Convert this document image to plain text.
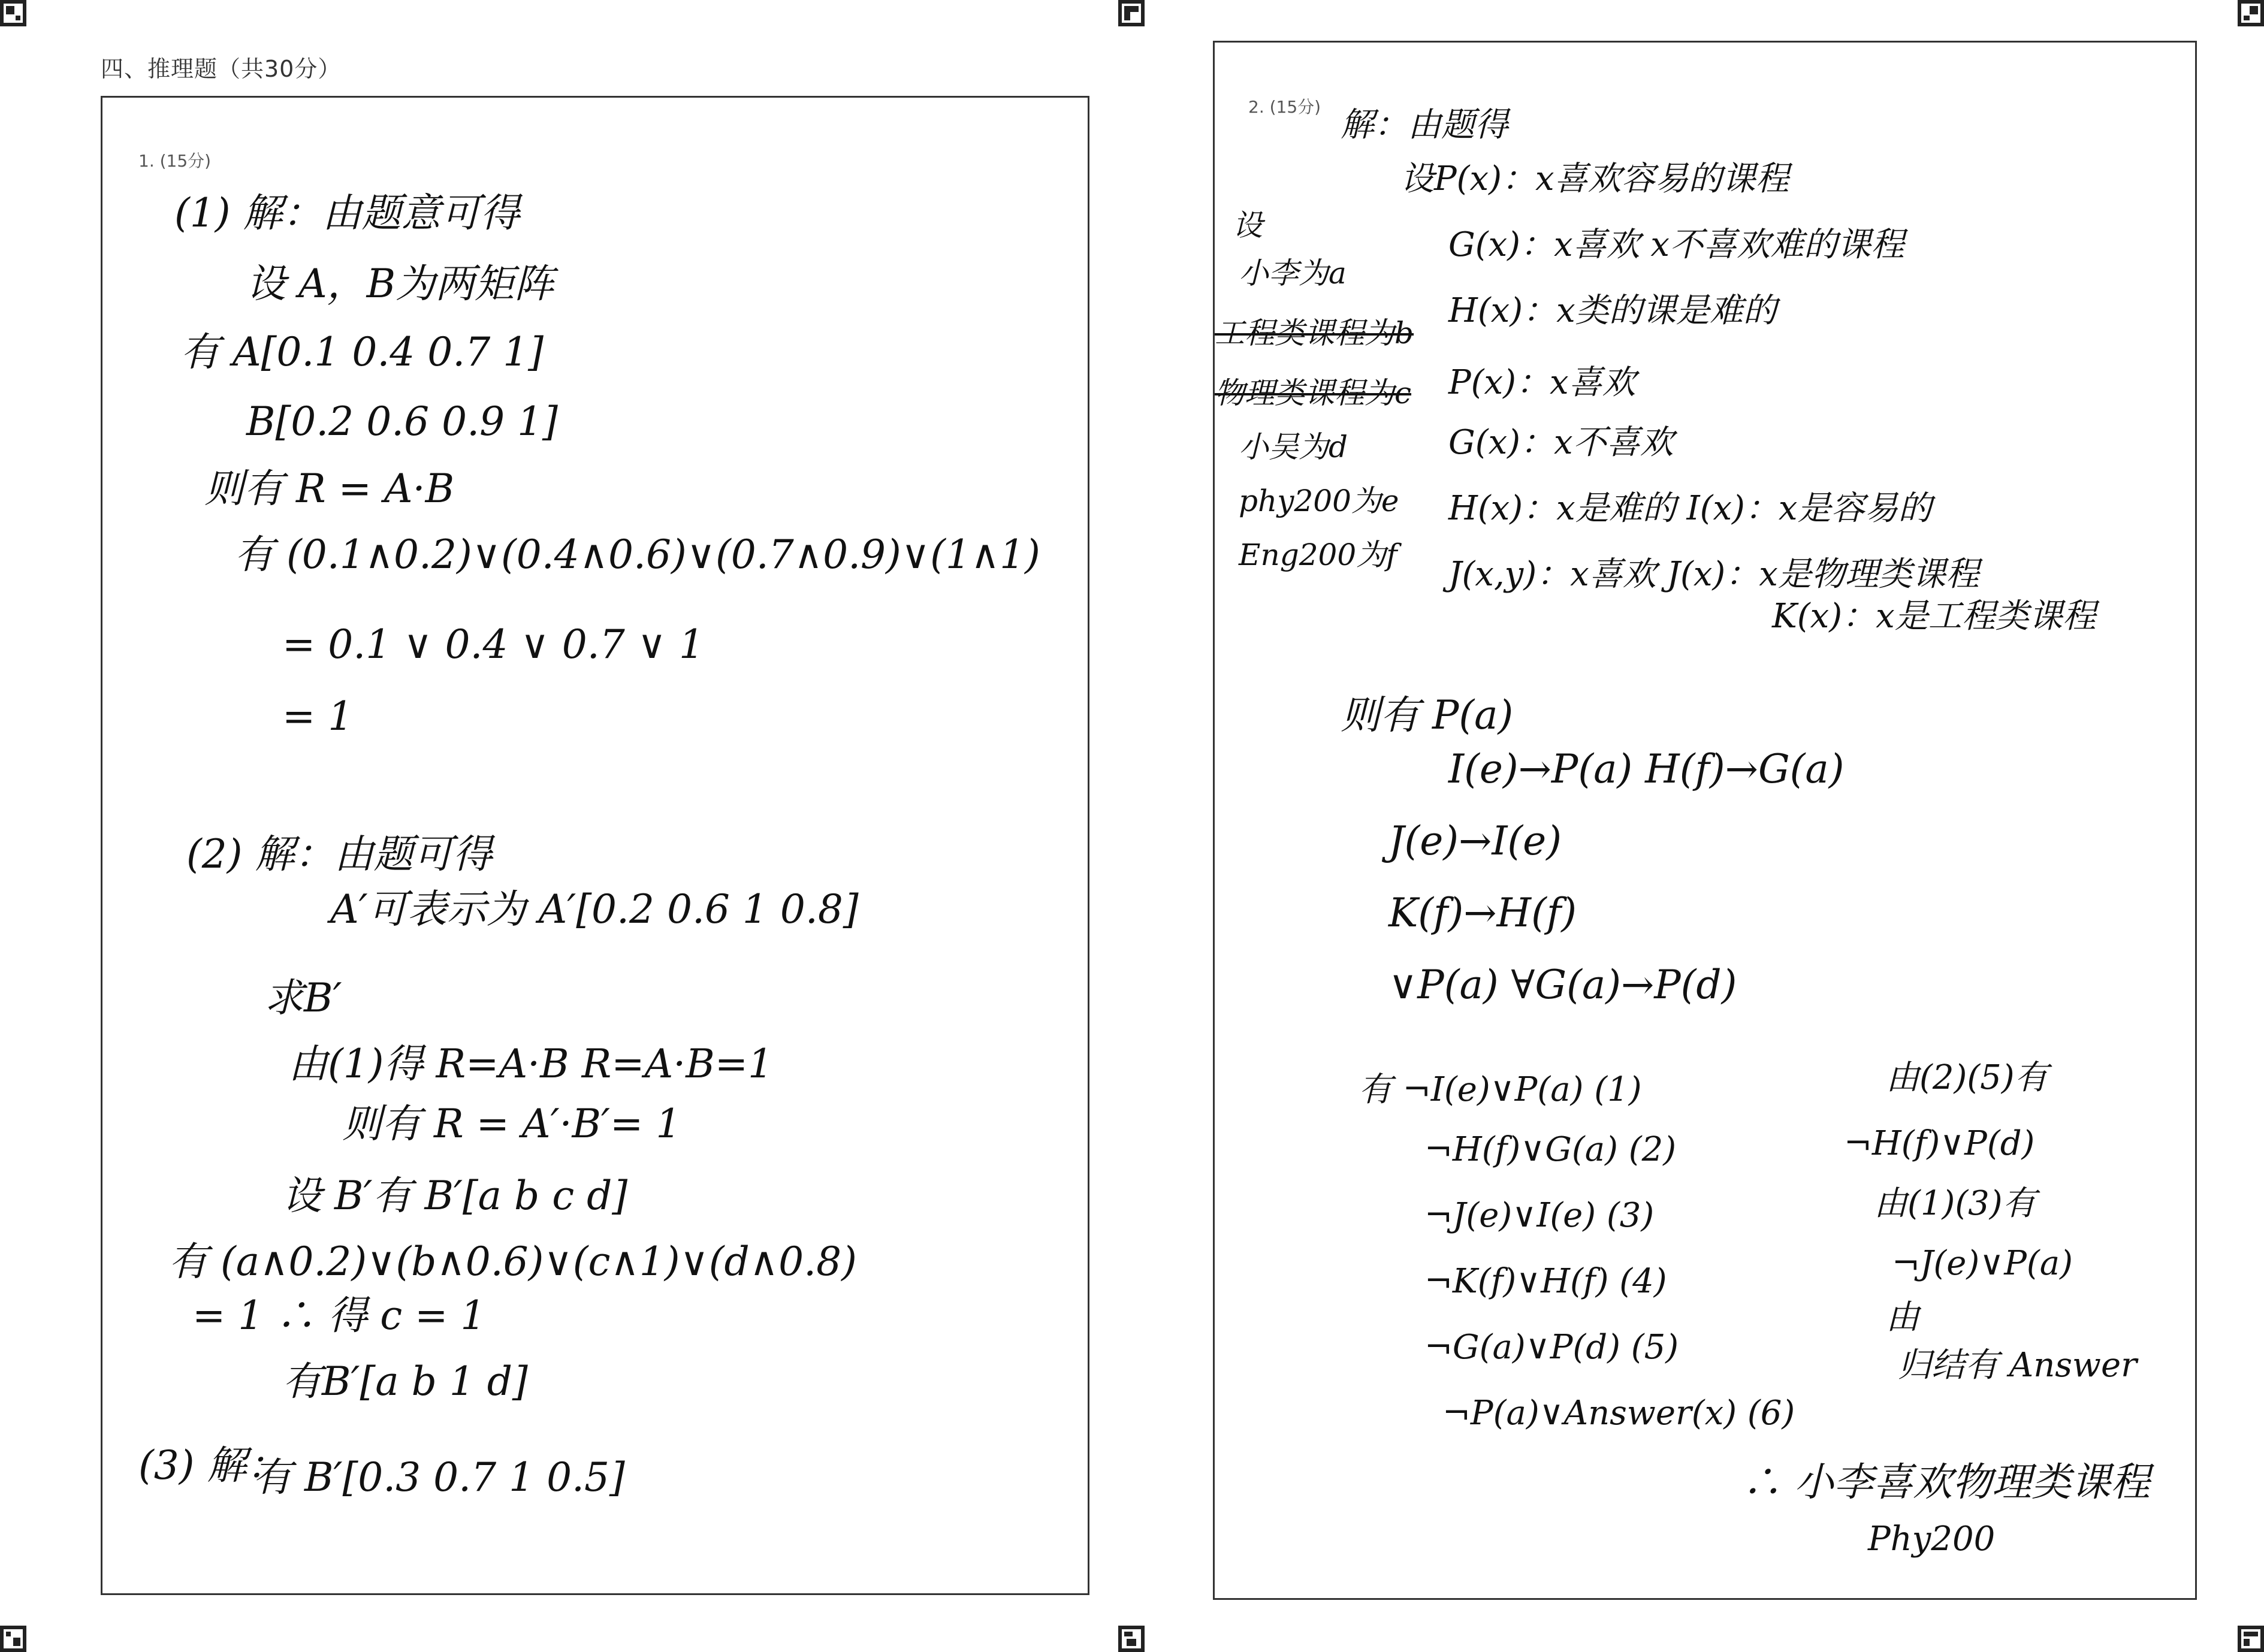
四、推理题（共30分）
1. (15分)
(1) 解：由题意可得
设 A，B为两矩阵
有 A[0.1 0.4 0.7 1]
B[0.2 0.6 0.9 1]
则有 R = A·B
有 (0.1∧0.2)∨(0.4∧0.6)∨(0.7∧0.9)∨(1∧1)
= 0.1 ∨ 0.4 ∨ 0.7 ∨ 1
= 1
(2) 解：由题可得
A′可表示为 A′[0.2 0.6 1 0.8]
求B′
由(1)得 R=A·B R=A·B=1
则有 R = A′·B′= 1
设 B′有 B′[a b c d]
有 (a∧0.2)∨(b∧0.6)∨(c∧1)∨(d∧0.8)
= 1 ∴ 得 c = 1
有B′[a b 1 d]
(3) 解：
有 B′[0.3 0.7 1 0.5]
2. (15分)
设
小李为a
工程类课程为b
物理类课程为c
小吴为d
phy200为e
Eng200为f
解：由题得
设P(x)：x喜欢容易的课程
G(x)：x喜欢 x不喜欢难的课程
H(x)：x类的课是难的
P(x)：x喜欢
G(x)：x不喜欢
H(x)：x是难的 I(x)：x是容易的
J(x,y)：x喜欢 J(x)：x是物理类课程
K(x)：x是工程类课程
则有 P(a)
I(e)→P(a) H(f)→G(a)
J(e)→I(e)
K(f)→H(f)
∨P(a) ∀G(a)→P(d)
有 ¬I(e)∨P(a) (1)
¬H(f)∨G(a) (2)
¬J(e)∨I(e) (3)
¬K(f)∨H(f) (4)
¬G(a)∨P(d) (5)
¬P(a)∨Answer(x) (6)
由(2)(5)有
¬H(f)∨P(d)
由(1)(3)有
¬J(e)∨P(a)
由
归结有 Answer
∴ 小李喜欢物理类课程
Phy200
